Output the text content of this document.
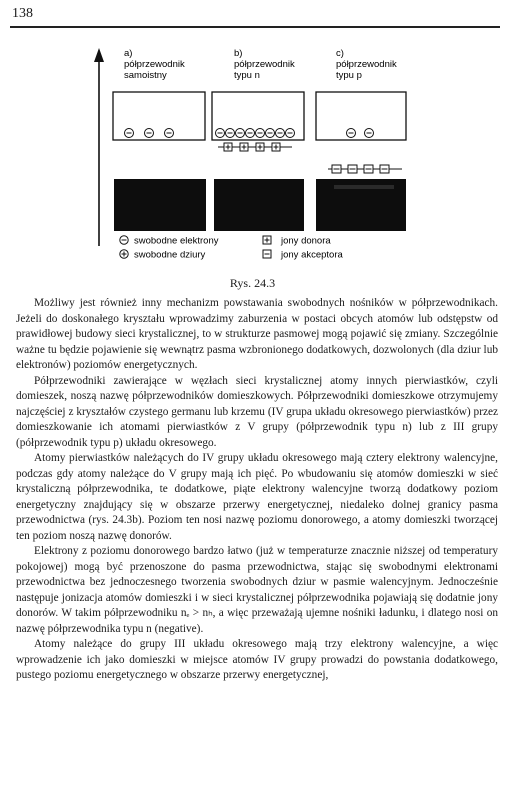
138
a)
półprzewodnik
samoistny
b)
półprzewodnik
typu n
c)
półprzewodnik
typu p
swobodne elektrony
swobodne dziury
jony donora
jony akceptora
Rys. 24.3

Możliwy jest również inny mechanizm powstawania swobodnych nośników w półprzewodnikach. Jeżeli do doskonałego kryształu wprowadzimy zaburzenia w postaci obcych atomów lub odstępstw od prawidłowej budowy sieci krystalicznej, to w strukturze pasmowej mogą pojawić się zmiany. Szczególnie ważne tu będzie pojawienie się wewnątrz pasma wzbronionego dodatkowych, dozwolonych (dla dziur lub elektronów) poziomów energetycznych.

Półprzewodniki zawierające w węzłach sieci krystalicznej atomy innych pierwiastków, czyli domieszek, noszą nazwę półprzewodników domieszkowych. Półprzewodniki domieszkowe otrzymujemy najczęściej z kryształów czystego germanu lub krzemu (IV grupa układu okresowego pierwiastków) przez domieszkowanie ich atomami pierwiastków z V grupy (półprzewodnik typu n) lub z III grupy (półprzewodnik typu p) układu okresowego.

Atomy pierwiastków należących do IV grupy układu okresowego mają cztery elektrony walencyjne, podczas gdy atomy należące do V grupy mają ich pięć. Po wbudowaniu się atomów domieszki w sieć krystaliczną półprzewodnika, te dodatkowe, piąte elektrony walencyjne tworzą dodatkowy poziom energetyczny znajdujący się w obszarze przerwy energetycznej, niedaleko dolnej granicy pasma przewodnictwa (rys. 24.3b). Poziom ten nosi nazwę poziomu donorowego, a atomy domieszki tworzącej ten poziom noszą nazwę donorów.

Elektrony z poziomu donorowego bardzo łatwo (już w temperaturze znacznie niższej od temperatury pokojowej) mogą być przenoszone do pasma przewodnictwa, stając się swobodnymi elektronami przewodnictwa bez jednoczesnego tworzenia swobodnych dziur w pasmie walencyjnym. Jednocześnie następuje jonizacja atomów domieszki i w sieci krystalicznej półprzewodnika pojawiają się dodatnie jony donorów. W takim półprzewodniku nₑ > nₕ, a więc przeważają ujemne nośniki ładunku, i dlatego nosi on nazwę półprzewodnika typu n (negative).

Atomy należące do grupy III układu okresowego mają trzy elektrony walencyjne, a więc wprowadzenie ich jako domieszki w miejsce atomów IV grupy prowadzi do powstania dodatkowego, pustego poziomu energetycznego w obszarze przerwy energetycznej,
